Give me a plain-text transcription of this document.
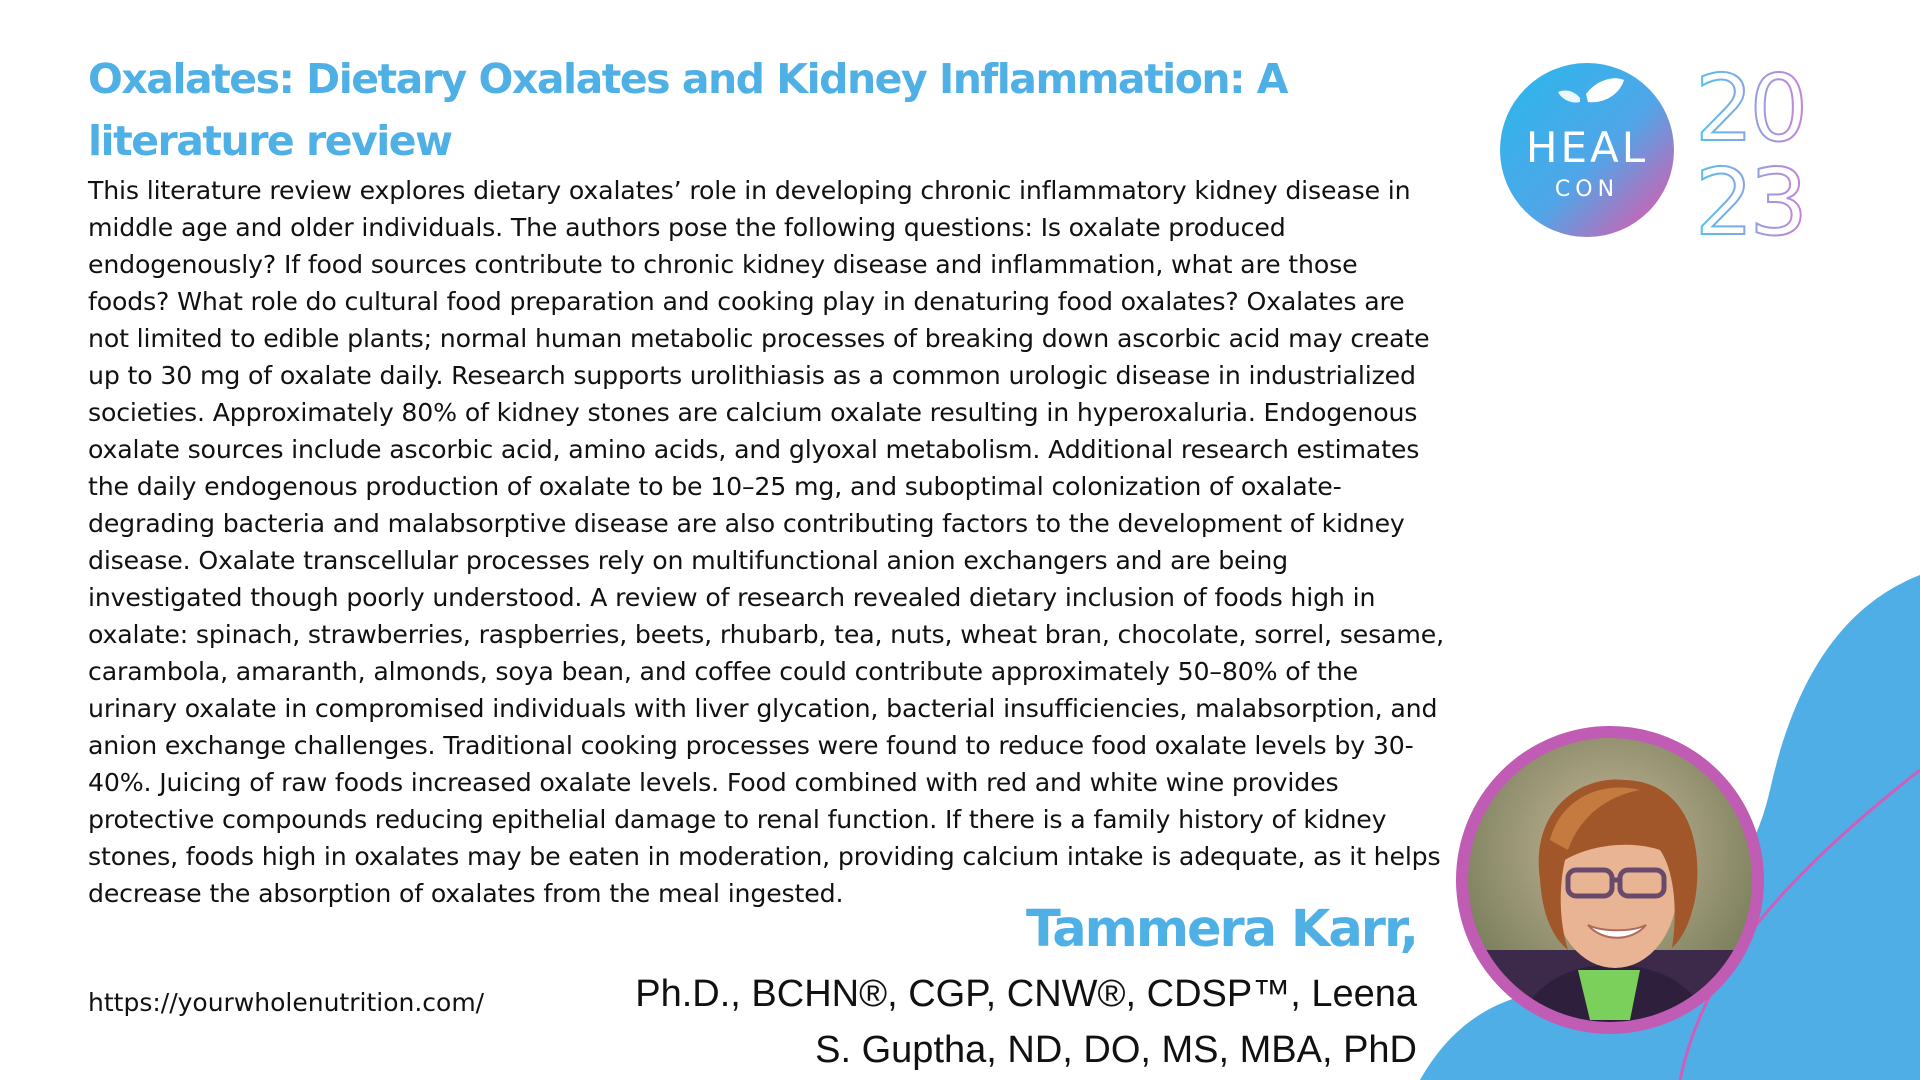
Oxalates: Dietary Oxalates and Kidney Inflammation: A literature review

This literature review explores dietary oxalates’ role in developing chronic inflammatory kidney disease in middle age and older individuals. The authors pose the following questions: Is oxalate produced endogenously? If food sources contribute to chronic kidney disease and inflammation, what are those foods? What role do cultural food preparation and cooking play in denaturing food oxalates? Oxalates are not limited to edible plants; normal human metabolic processes of breaking down ascorbic acid may create up to 30 mg of oxalate daily. Research supports urolithiasis as a common urologic disease in industrialized societies. Approximately 80% of kidney stones are calcium oxalate resulting in hyperoxaluria. Endogenous oxalate sources include ascorbic acid, amino acids, and glyoxal metabolism. Additional research estimates the daily endogenous production of oxalate to be 10–25 mg, and suboptimal colonization of oxalate-degrading bacteria and malabsorptive disease are also contributing factors to the development of kidney disease. Oxalate transcellular processes rely on multifunctional anion exchangers and are being investigated though poorly understood. A review of research revealed dietary inclusion of foods high in oxalate: spinach, strawberries, raspberries, beets, rhubarb, tea, nuts, wheat bran, chocolate, sorrel, sesame, carambola, amaranth, almonds, soya bean, and coffee could contribute approximately 50–80% of the urinary oxalate in compromised individuals with liver glycation, bacterial insufficiencies, malabsorption, and anion exchange challenges. Traditional cooking processes were found to reduce food oxalate levels by 30-40%. Juicing of raw foods increased oxalate levels. Food combined with red and white wine provides protective compounds reducing epithelial damage to renal function. If there is a family history of kidney stones, foods high in oxalates may be eaten in moderation, providing calcium intake is adequate, as it helps decrease the absorption of oxalates from the meal ingested.

https://yourwholenutrition.com/
Tammera Karr,
Ph.D., BCHN®, CGP, CNW®, CDSP™, Leena S. Guptha, ND, DO, MS, MBA, PhD
HEAL
CON
20
23
